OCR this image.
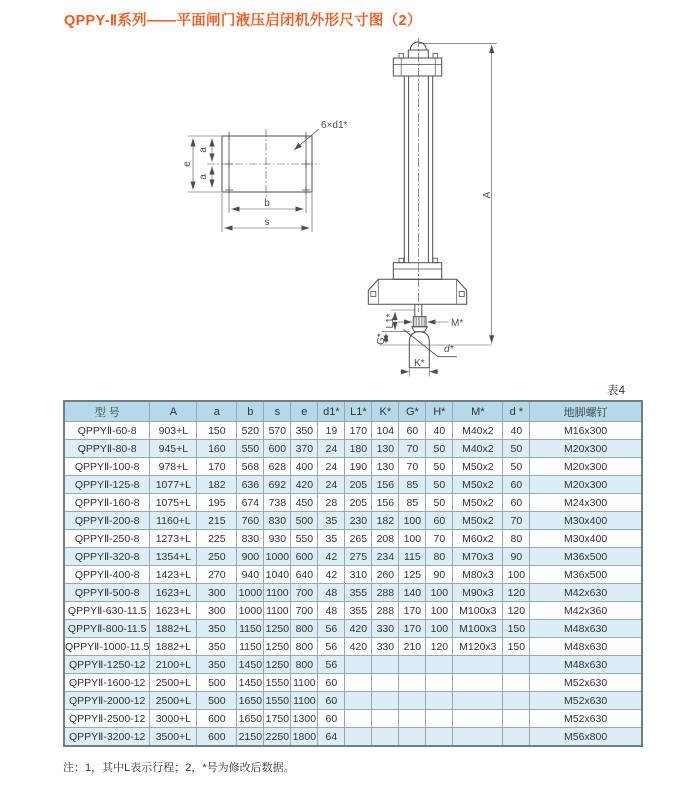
QPPY-Ⅱ系列——平面闸门液压启闭机外形尺寸图（2）
e
a
a
b
s
6×d1*
A
M*
L1*
G*
K*
d*
表4
型 号	A	a	b	s	e	d1*	L1*	K*	G*	H*	M*	d *	地脚螺钉
QPPYⅡ-60-8	903+L	150	520	570	350	19	170	104	60	40	M40x2	40	M16x300
QPPYⅡ-80-8	945+L	160	550	600	370	24	180	130	70	50	M40x2	50	M20x300
QPPYⅡ-100-8	978+L	170	568	628	400	24	190	130	70	50	M50x2	50	M20x300
QPPYⅡ-125-8	1077+L	182	636	692	420	24	205	156	85	50	M50x2	60	M20x300
QPPYⅡ-160-8	1075+L	195	674	738	450	28	205	156	85	50	M50x2	60	M24x300
QPPYⅡ-200-8	1160+L	215	760	830	500	35	230	182	100	60	M50x2	70	M30x400
QPPYⅡ-250-8	1273+L	225	830	930	550	35	265	208	100	70	M60x2	80	M30x400
QPPYⅡ-320-8	1354+L	250	900	1000	600	42	275	234	115	80	M70x3	90	M36x500
QPPYⅡ-400-8	1423+L	270	940	1040	640	42	310	260	125	90	M80x3	100	M36x500
QPPYⅡ-500-8	1623+L	300	1000	1100	700	48	355	288	140	100	M90x3	120	M42x630
QPPYⅡ-630-11.5	1623+L	300	1000	1100	700	48	355	288	170	100	M100x3	120	M42x360
QPPYⅡ-800-11.5	1882+L	350	1150	1250	800	56	420	330	170	100	M100x3	150	M48x630
QPPYⅡ-1000-11.5	1882+L	350	1150	1250	800	56	420	330	210	120	M120x3	150	M48x630
QPPYⅡ-1250-12	2100+L	350	1450	1250	800	56							M48x630
QPPYⅡ-1600-12	2500+L	500	1450	1550	1100	60							M52x630
QPPYⅡ-2000-12	2500+L	500	1650	1550	1100	60							M52x630
QPPYⅡ-2500-12	3000+L	600	1650	1750	1300	60							M52x630
QPPYⅡ-3200-12	3500+L	600	2150	2250	1800	64							M56x800
注：1，其中L表示行程；2，*号为修改后数据。
